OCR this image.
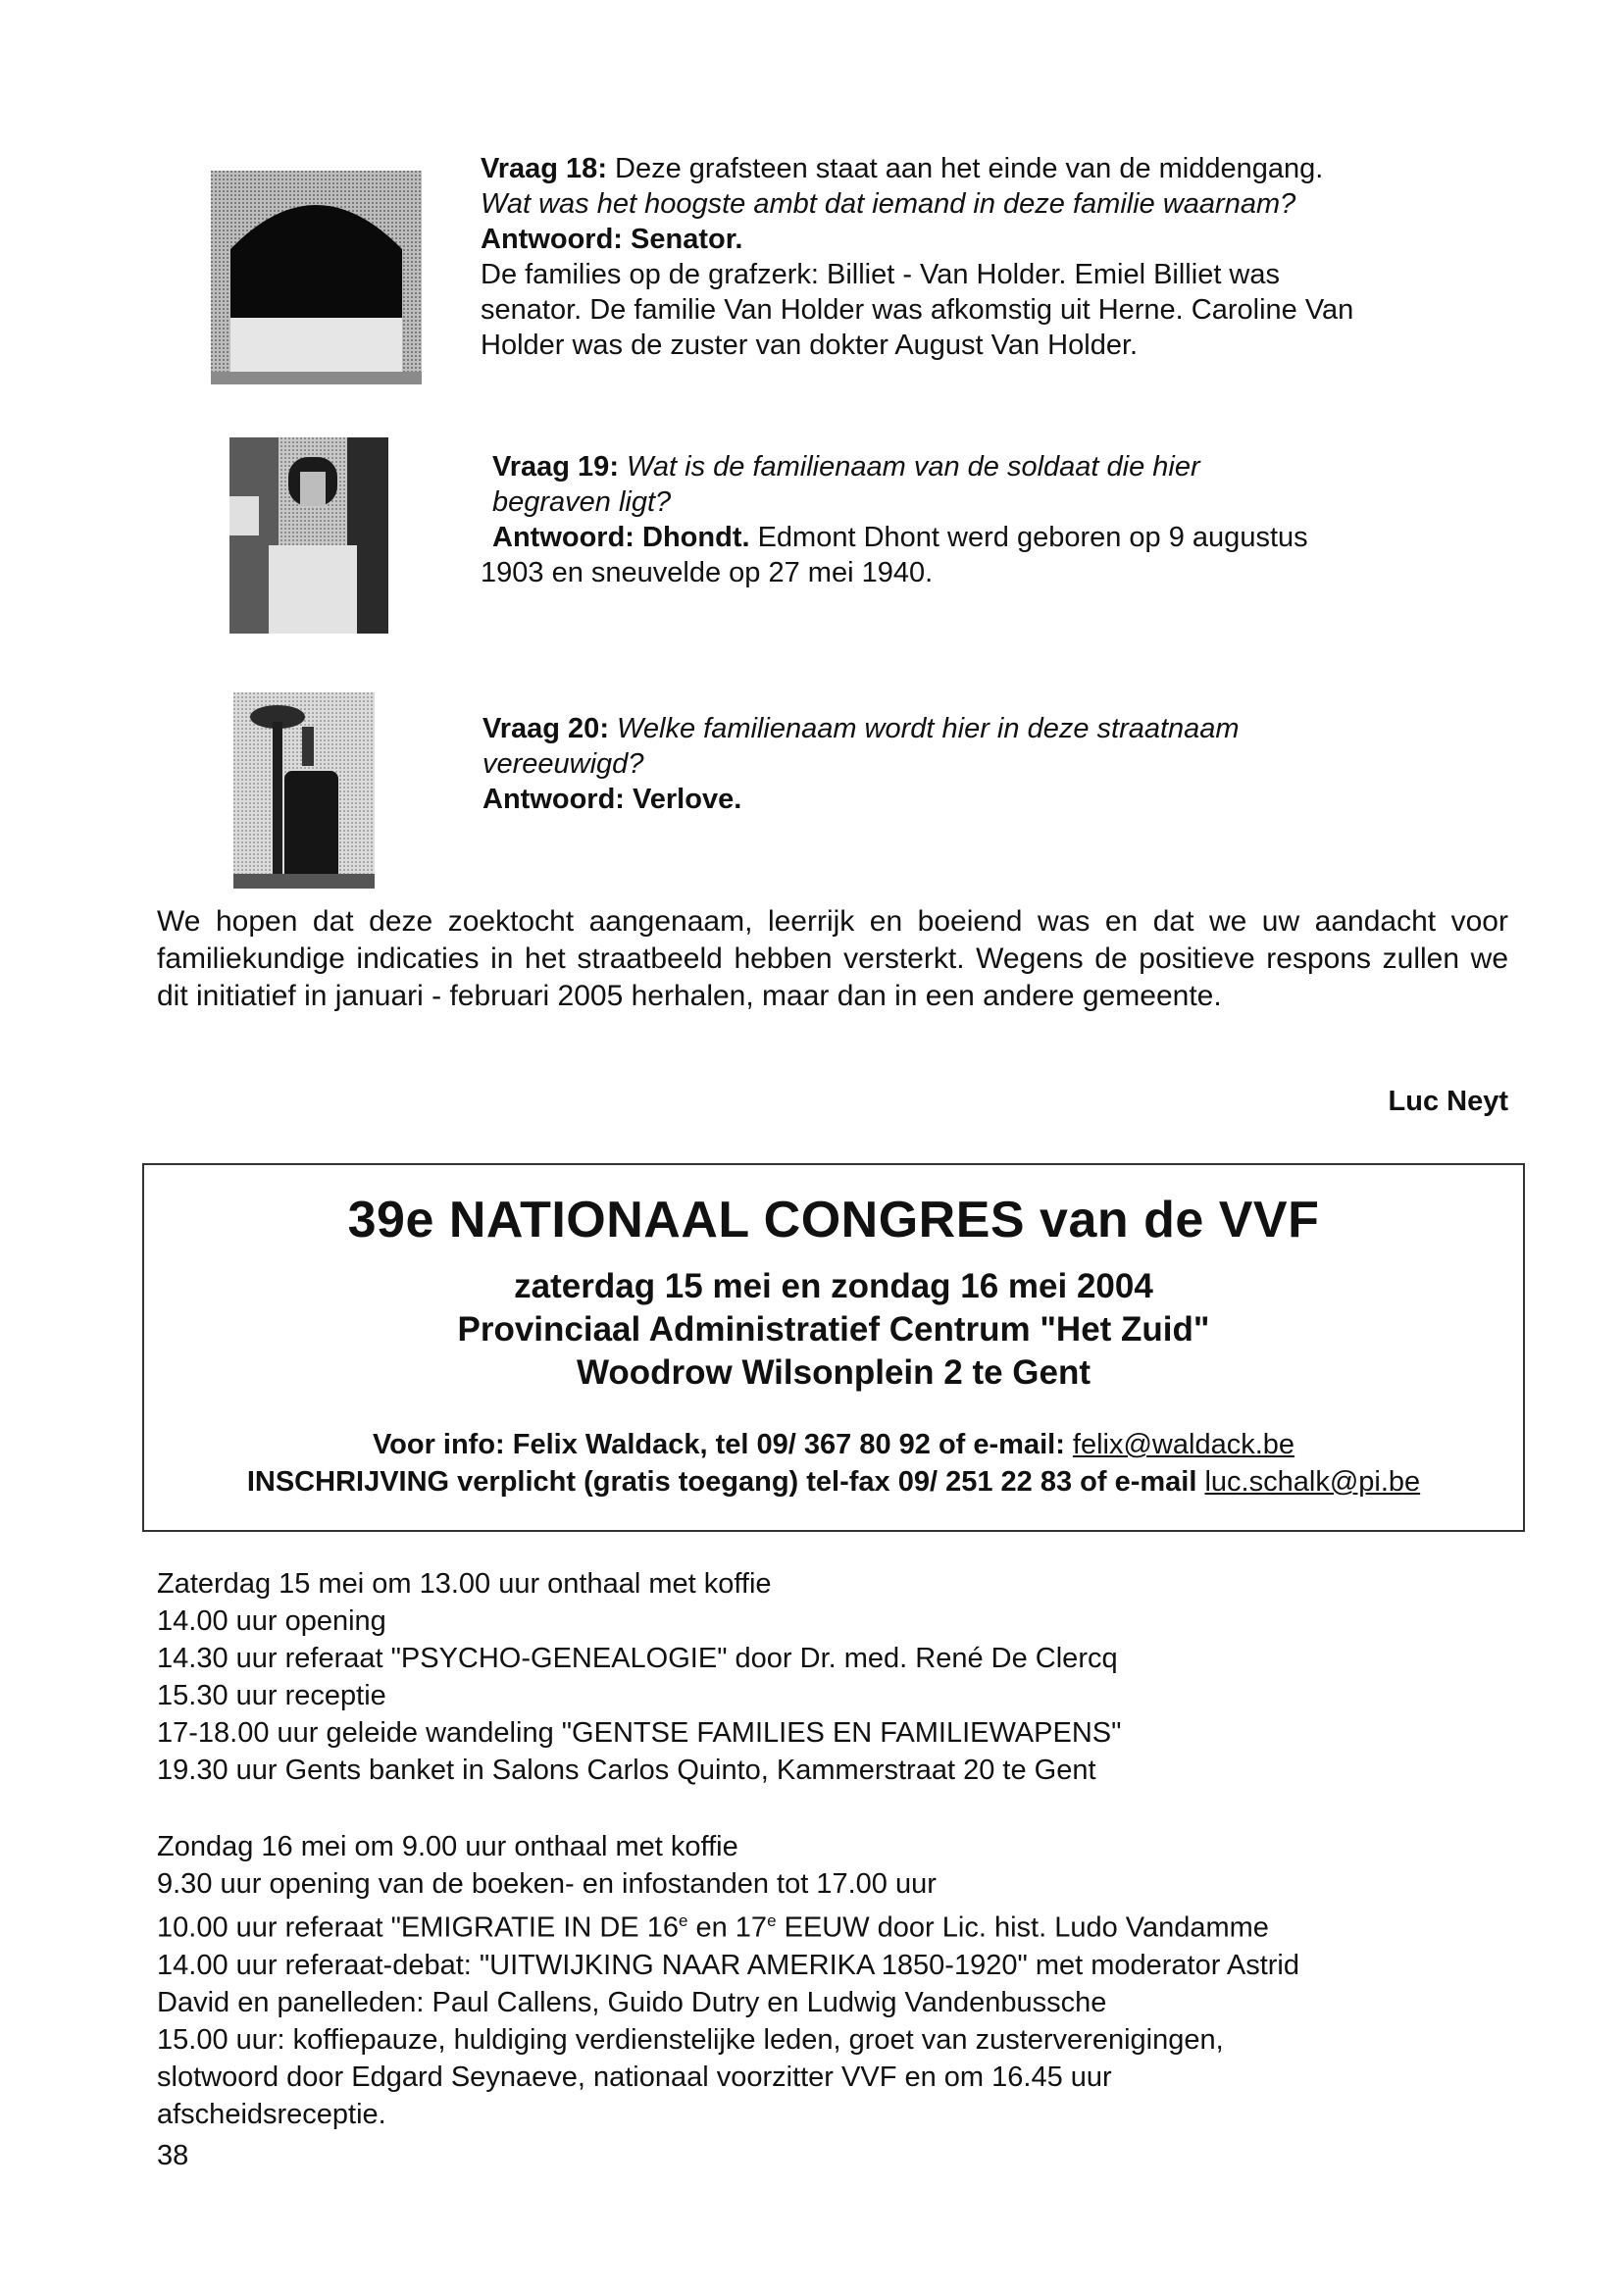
Vraag 18: Deze grafsteen staat aan het einde van de middengang.
Wat was het hoogste ambt dat iemand in deze familie waarnam?
Antwoord: Senator.
De families op de grafzerk: Billiet - Van Holder. Emiel Billiet was
senator. De familie Van Holder was afkomstig uit Herne. Caroline Van
Holder was de zuster van dokter August Van Holder.
Vraag 19: Wat is de familienaam van de soldaat die hier
begraven ligt?
Antwoord: Dhondt. Edmont Dhont werd geboren op 9 augustus
1903 en sneuvelde op 27 mei 1940.
Vraag 20: Welke familienaam wordt hier in deze straatnaam
vereeuwigd?
Antwoord: Verlove.
We hopen dat deze zoektocht aangenaam, leerrijk en boeiend was en dat we uw aandacht voor familiekundige indicaties in het straatbeeld hebben versterkt. Wegens de positieve respons zullen we dit initiatief in januari - februari 2005 herhalen, maar dan in een andere gemeente.
Luc Neyt
39e NATIONAAL CONGRES van de VVF
zaterdag 15 mei en zondag 16 mei 2004
Provinciaal Administratief Centrum "Het Zuid"
Woodrow Wilsonplein 2 te Gent
Voor info: Felix Waldack, tel 09/ 367 80 92 of e-mail: felix@waldack.be
INSCHRIJVING verplicht (gratis toegang) tel-fax 09/ 251 22 83 of e-mail luc.schalk@pi.be
Zaterdag 15 mei om 13.00 uur onthaal met koffie
14.00 uur opening
14.30 uur referaat "PSYCHO-GENEALOGIE" door Dr. med. René De Clercq
15.30 uur receptie
17-18.00 uur geleide wandeling "GENTSE FAMILIES EN FAMILIEWAPENS"
19.30 uur Gents banket in Salons Carlos Quinto, Kammerstraat 20 te Gent
Zondag 16 mei om 9.00 uur onthaal met koffie
9.30 uur opening van de boeken- en infostanden tot 17.00 uur
10.00 uur referaat "EMIGRATIE IN DE 16e en 17e EEUW door Lic. hist. Ludo Vandamme
14.00 uur referaat-debat: "UITWIJKING NAAR AMERIKA 1850-1920" met moderator Astrid
David en panelleden: Paul Callens, Guido Dutry en Ludwig Vandenbussche
15.00 uur: koffiepauze, huldiging verdienstelijke leden, groet van zusterverenigingen,
slotwoord door Edgard Seynaeve, nationaal voorzitter VVF en om 16.45 uur
afscheidsreceptie.
38
